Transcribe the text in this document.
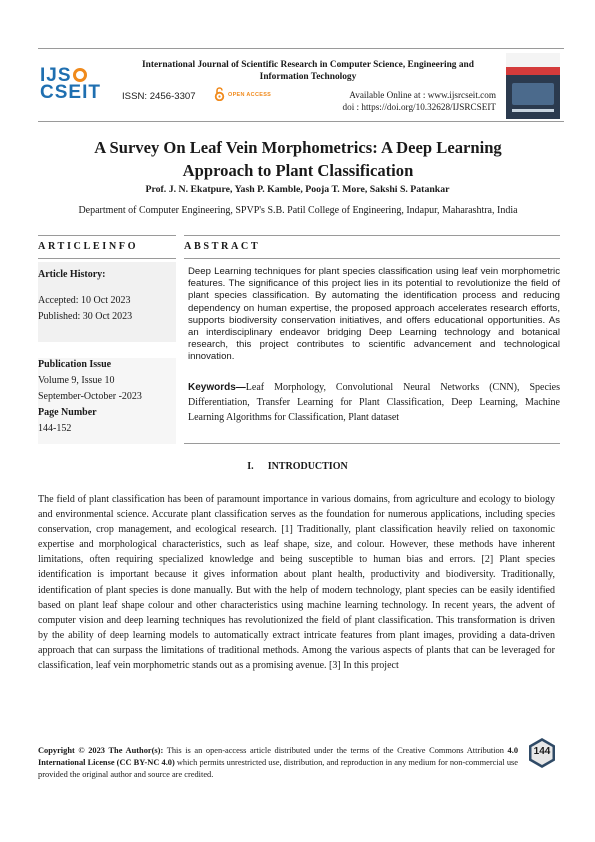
IJS
CSEIT
International Journal of Scientific Research in Computer Science, Engineering and Information Technology
ISSN: 2456-3307	OPEN ACCESS	Available Online at : www.ijsrcseit.com
doi : https://doi.org/10.32628/IJSRCSEIT
A Survey On Leaf Vein Morphometrics: A Deep Learning
Approach to Plant Classification
Prof. J. N. Ekatpure, Yash P. Kamble, Pooja T. More, Sakshi S. Patankar
Department of Computer Engineering, SPVP's S.B. Patil College of Engineering, Indapur, Maharashtra, India
ARTICLEINFO	ABSTRACT
Article History:
Accepted: 10 Oct 2023
Published: 30 Oct 2023
Publication Issue
Volume 9, Issue 10
September-October -2023
Page Number
144-152
Deep Learning techniques for plant species classification using leaf vein morphometric features. The significance of this project lies in its potential to revolutionize the field of plant species classification. By automating the identification process and reducing dependency on human expertise, the proposed approach accelerates research efforts, supports biodiversity conservation initiatives, and offers educational opportunities. As an interdisciplinary endeavor bridging Deep Learning technology and botanical research, this project contributes to scientific advancement and technological innovation.
Keywords—Leaf Morphology, Convolutional Neural Networks (CNN), Species Differentiation, Transfer Learning for Plant Classification, Deep Learning, Machine Learning Algorithms for Classification, Plant dataset
I. INTRODUCTION
The field of plant classification has been of paramount importance in various domains, from agriculture and ecology to biology and environmental science. Accurate plant classification serves as the foundation for numerous applications, including species conservation, crop management, and ecological research. [1] Traditionally, plant classification heavily relied on taxonomic expertise and morphological characteristics, such as leaf shape, size, and colour. However, these methods have inherent limitations, often requiring specialized knowledge and being susceptible to human bias and errors. [2] Plant species identification is important because it gives information about plant health, productivity and biodiversity. Traditionally, identification of plant species is done manually. But with the help of modern technology, plant species can be easily identified based on plant leaf shape colour and other characteristics using machine learning technology. In recent years, the advent of computer vision and deep learning techniques has revolutionized the field of plant classification. This transformation is driven by the ability of deep learning models to automatically extract intricate features from plant images, providing a data-driven approach that can surpass the limitations of traditional methods. Among the various aspects of plants that can be leveraged for classification, leaf vein morphometric stands out as a promising avenue. [3] In this project
Copyright © 2023 The Author(s): This is an open-access article distributed under the terms of the Creative Commons Attribution 4.0 International License (CC BY-NC 4.0) which permits unrestricted use, distribution, and reproduction in any medium for non-commercial use provided the original author and source are credited.
144
